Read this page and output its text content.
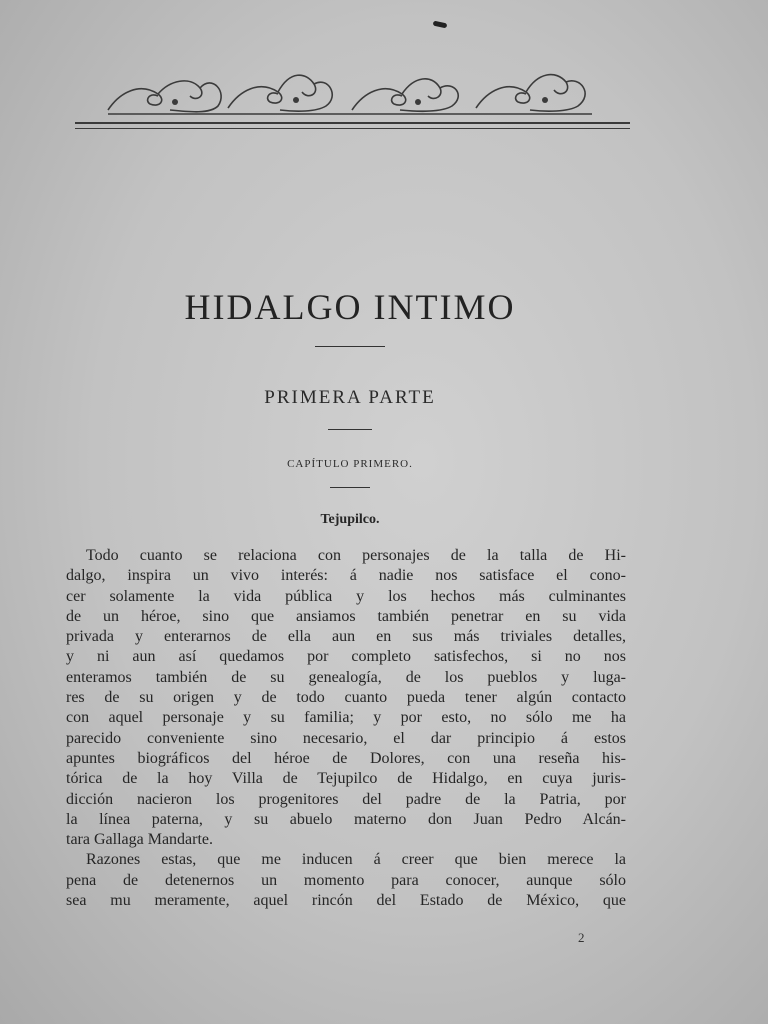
HIDALGO INTIMO
PRIMERA PARTE
CAPÍTULO PRIMERO.
Tejupilco.
Todo cuanto se relaciona con personajes de la talla de Hi-
dalgo, inspira un vivo interés: á nadie nos satisface el cono-
cer solamente la vida pública y los hechos más culminantes
de un héroe, sino que ansiamos también penetrar en su vida
privada y enterarnos de ella aun en sus más triviales detalles,
y ni aun así quedamos por completo satisfechos, si no nos
enteramos también de su genealogía, de los pueblos y luga-
res de su origen y de todo cuanto pueda tener algún contacto
con aquel personaje y su familia; y por esto, no sólo me ha
parecido conveniente sino necesario, el dar principio á estos
apuntes biográficos del héroe de Dolores, con una reseña his-
tórica de la hoy Villa de Tejupilco de Hidalgo, en cuya juris-
dicción nacieron los progenitores del padre de la Patria, por
la línea paterna, y su abuelo materno don Juan Pedro Alcán-
tara Gallaga Mandarte.
Razones estas, que me inducen á creer que bien merece la
pena de detenernos un momento para conocer, aunque sólo
sea mu meramente, aquel rincón del Estado de México, que
2
